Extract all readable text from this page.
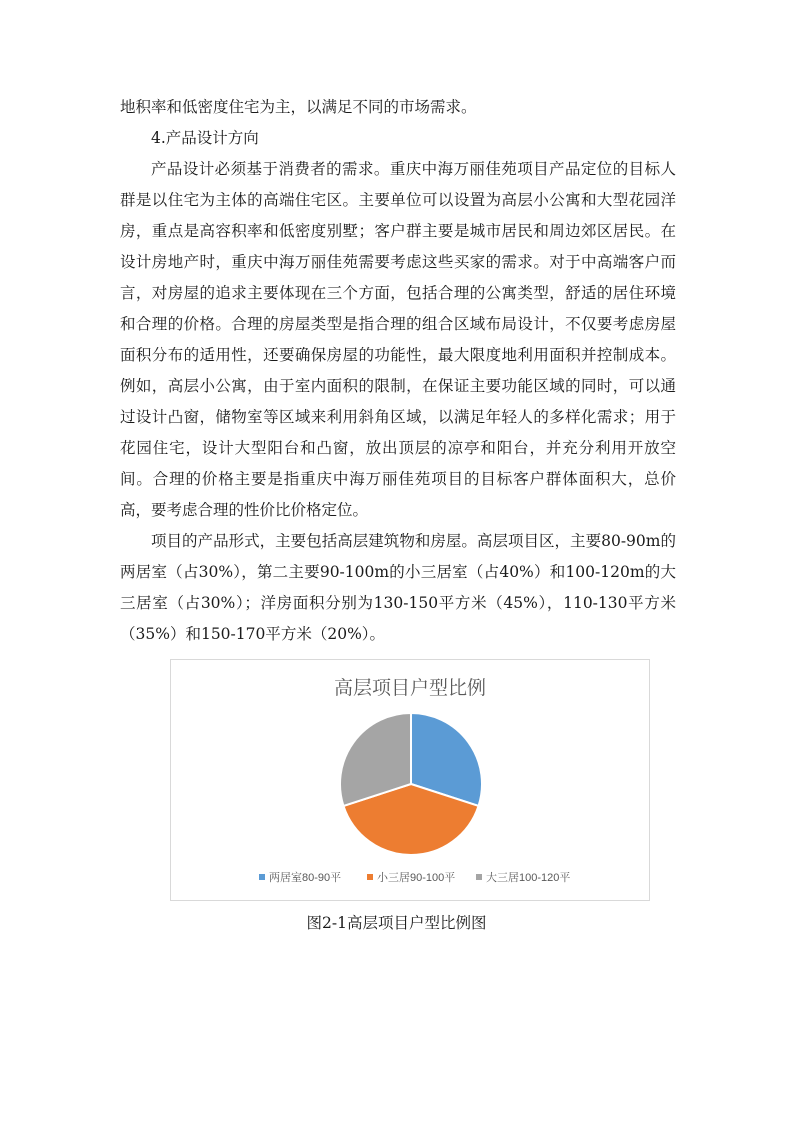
地积率和低密度住宅为主，以满足不同的市场需求。

4.产品设计方向

产品设计必须基于消费者的需求。重庆中海万丽佳苑项目产品定位的目标人群是以住宅为主体的高端住宅区。主要单位可以设置为高层小公寓和大型花园洋房，重点是高容积率和低密度别墅；客户群主要是城市居民和周边郊区居民。在设计房地产时，重庆中海万丽佳苑需要考虑这些买家的需求。对于中高端客户而言，对房屋的追求主要体现在三个方面，包括合理的公寓类型，舒适的居住环境和合理的价格。合理的房屋类型是指合理的组合区域布局设计，不仅要考虑房屋面积分布的适用性，还要确保房屋的功能性，最大限度地利用面积并控制成本。例如，高层小公寓，由于室内面积的限制，在保证主要功能区域的同时，可以通过设计凸窗，储物室等区域来利用斜角区域，以满足年轻人的多样化需求；用于花园住宅，设计大型阳台和凸窗，放出顶层的凉亭和阳台，并充分利用开放空间。合理的价格主要是指重庆中海万丽佳苑项目的目标客户群体面积大，总价高，要考虑合理的性价比价格定位。

项目的产品形式，主要包括高层建筑物和房屋。高层项目区，主要80-90m的两居室（占30%），第二主要90-100m的小三居室（占40%）和100-120m的大三居室（占30%）；洋房面积分别为130-150平方米（45%），110-130平方米（35%）和150-170平方米（20%）。

高层项目户型比例
两居室80-90平	小三居90-100平	大三居100-120平
图2-1高层项目户型比例图
